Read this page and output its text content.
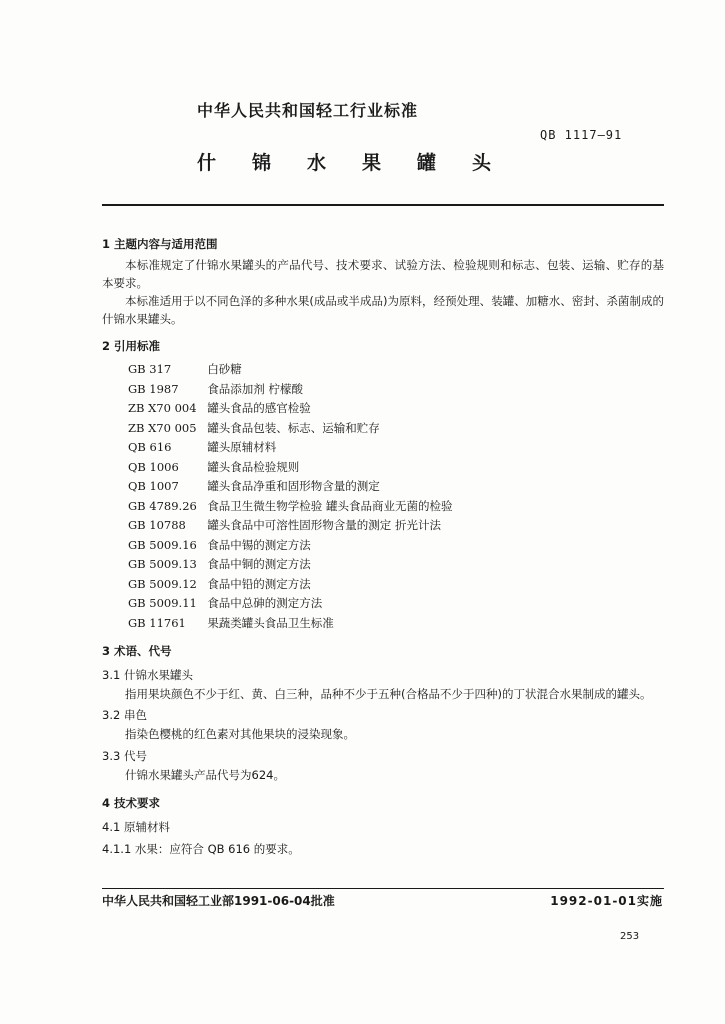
中华人民共和国轻工行业标准
QB 1117—91
什锦水果罐头
1 主题内容与适用范围
本标准规定了什锦水果罐头的产品代号、技术要求、试验方法、检验规则和标志、包装、运输、贮存的基本要求。
本标准适用于以不同色泽的多种水果(成品或半成品)为原料，经预处理、装罐、加糖水、密封、杀菌制成的什锦水果罐头。
2 引用标准
GB 317	白砂糖
GB 1987	食品添加剂 柠檬酸
ZB X70 004 罐头食品的感官检验
ZB X70 005 罐头食品包装、标志、运输和贮存
QB 616	罐头原辅材料
QB 1006 罐头食品检验规则
QB 1007 罐头食品净重和固形物含量的测定
GB 4789.26 食品卫生微生物学检验 罐头食品商业无菌的检验
GB 10788 罐头食品中可溶性固形物含量的测定 折光计法
GB 5009.16 食品中锡的测定方法
GB 5009.13 食品中铜的测定方法
GB 5009.12 食品中铅的测定方法
GB 5009.11 食品中总砷的测定方法
GB 11761 果蔬类罐头食品卫生标准
3 术语、代号
3.1 什锦水果罐头
指用果块颜色不少于红、黄、白三种，品种不少于五种(合格品不少于四种)的丁状混合水果制成的罐头。
3.2 串色
指染色樱桃的红色素对其他果块的浸染现象。
3.3 代号
什锦水果罐头产品代号为624。
4 技术要求
4.1 原辅材料
4.1.1 水果：应符合 QB 616 的要求。
中华人民共和国轻工业部1991-06-04批准	1992-01-01实施
253
